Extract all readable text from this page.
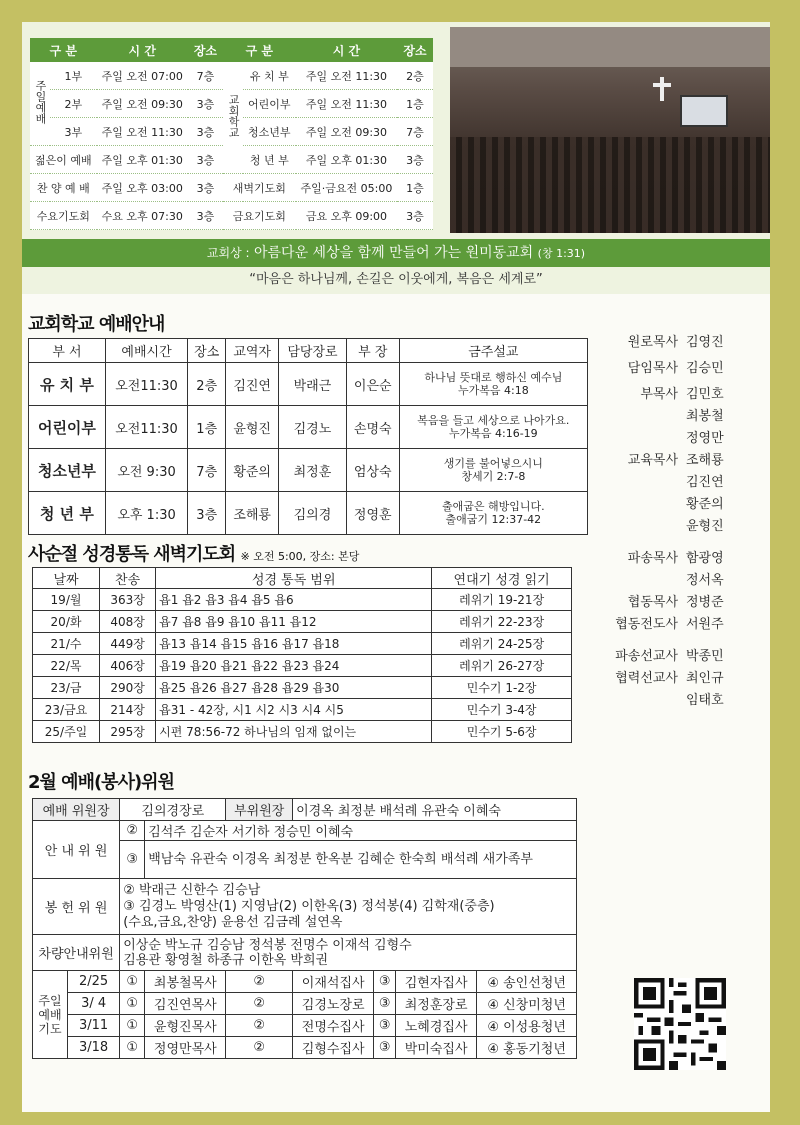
구 분		시 간	장소	구 분		시 간	장소
주일예배	1부	주일 오전 07:00	7층	교회학교	유 치 부	주일 오전 11:30	2층
	2부	주일 오전 09:30	3층		어린이부	주일 오전 11:30	1층
	3부	주일 오전 11:30	3층		청소년부	주일 오전 09:30	7층
젊은이 예배		주일 오후 01:30	3층		청 년 부	주일 오후 01:30	3층
찬 양 예 배		주일 오후 03:00	3층	새벽기도회		주일·금요전 05:00	1층
수요기도회		수요 오후 07:30	3층	금요기도회		금요 오후 09:00	3층
교회상 : 아름다운 세상을 함께 만들어 가는 원미동교회 (창 1:31)
“마음은 하나님께, 손길은 이웃에게, 복음은 세계로”
교회학교 예배안내
부 서	예배시간	장소	교역자	담당장로	부 장	금주설교
유 치 부	오전11:30	2층	김진연	박래근	이은순	하나님 뜻대로 행하신 예수님
누가복음 4:18

어린이부	오전11:30	1층	윤형진	김경노	손명숙	복음을 들고 세상으로 나아가요.
누가복음 4:16-19

청소년부	오전 9:30	7층	황준의	최정훈	엄상숙	생기를 불어넣으시니
창세기 2:7-8

청 년 부	오후 1:30	3층	조해룡	김의경	정영훈	출애굽은 해방입니다.
출애굽기 12:37-42
사순절 성경통독 새벽기도회 ※ 오전 5:00, 장소: 본당
날짜	찬송	성경 통독 범위	연대기 성경 읽기
19/월	363장	욥1 욥2 욥3 욥4 욥5 욥6	레위기 19-21장
20/화	408장	욥7 욥8 욥9 욥10 욥11 욥12	레위기 22-23장
21/수	449장	욥13 욥14 욥15 욥16 욥17 욥18	레위기 24-25장
22/목	406장	욥19 욥20 욥21 욥22 욥23 욥24	레위기 26-27장
23/금	290장	욥25 욥26 욥27 욥28 욥29 욥30	민수기 1-2장
23/금요	214장	욥31 - 42장, 시1 시2 시3 시4 시5	민수기 3-4장
25/주일	295장	시편 78:56-72 하나님의 임재 없이는	민수기 5-6장
2월 예배(봉사)위원
예배 위원장		김의경장로		부위원장	이경옥 최정분 배석례 유관숙 이혜숙			
안 내 위 원		②	김석주 김순자 서기하 정승민 이혜숙					
		③	백남숙 유관숙 이경옥 최정분 한옥분 김혜순 한숙희 배석례 새가족부					
봉 헌 위 원		② 박래근 신한수 김승남
③ 김경노 박영산(1) 지영남(2) 이한옥(3) 정석봉(4) 김학재(중층)
(수요,금요,찬양) 윤용선 김금례 설연옥						

차량안내위원		이상순 박노규 김승남 정석봉 전명수 이재석 김형수
김용관 황영철 하종규 이한옥 박희권						

주일예배기도	2/25	①	최봉철목사	②	이재석집사	③	김현자집사	④ 송인선청년
	3/ 4	①	김진연목사	②	김경노장로	③	최정훈장로	④ 신창미청년
	3/11	①	윤형진목사	②	전명수집사	③	노혜경집사	④ 이성용청년
	3/18	①	정영만목사	②	김형수집사	③	박미숙집사	④ 홍동기청년
원로목사 김영진
담임목사 김승민
부목사 김민호
최봉철
정영만
교육목사 조해룡
김진연
황준의
윤형진
파송목사 함광영
정서옥
협동목사 정병준
협동전도사 서원주
파송선교사 박종민
협력선교사 최인규
임태호
